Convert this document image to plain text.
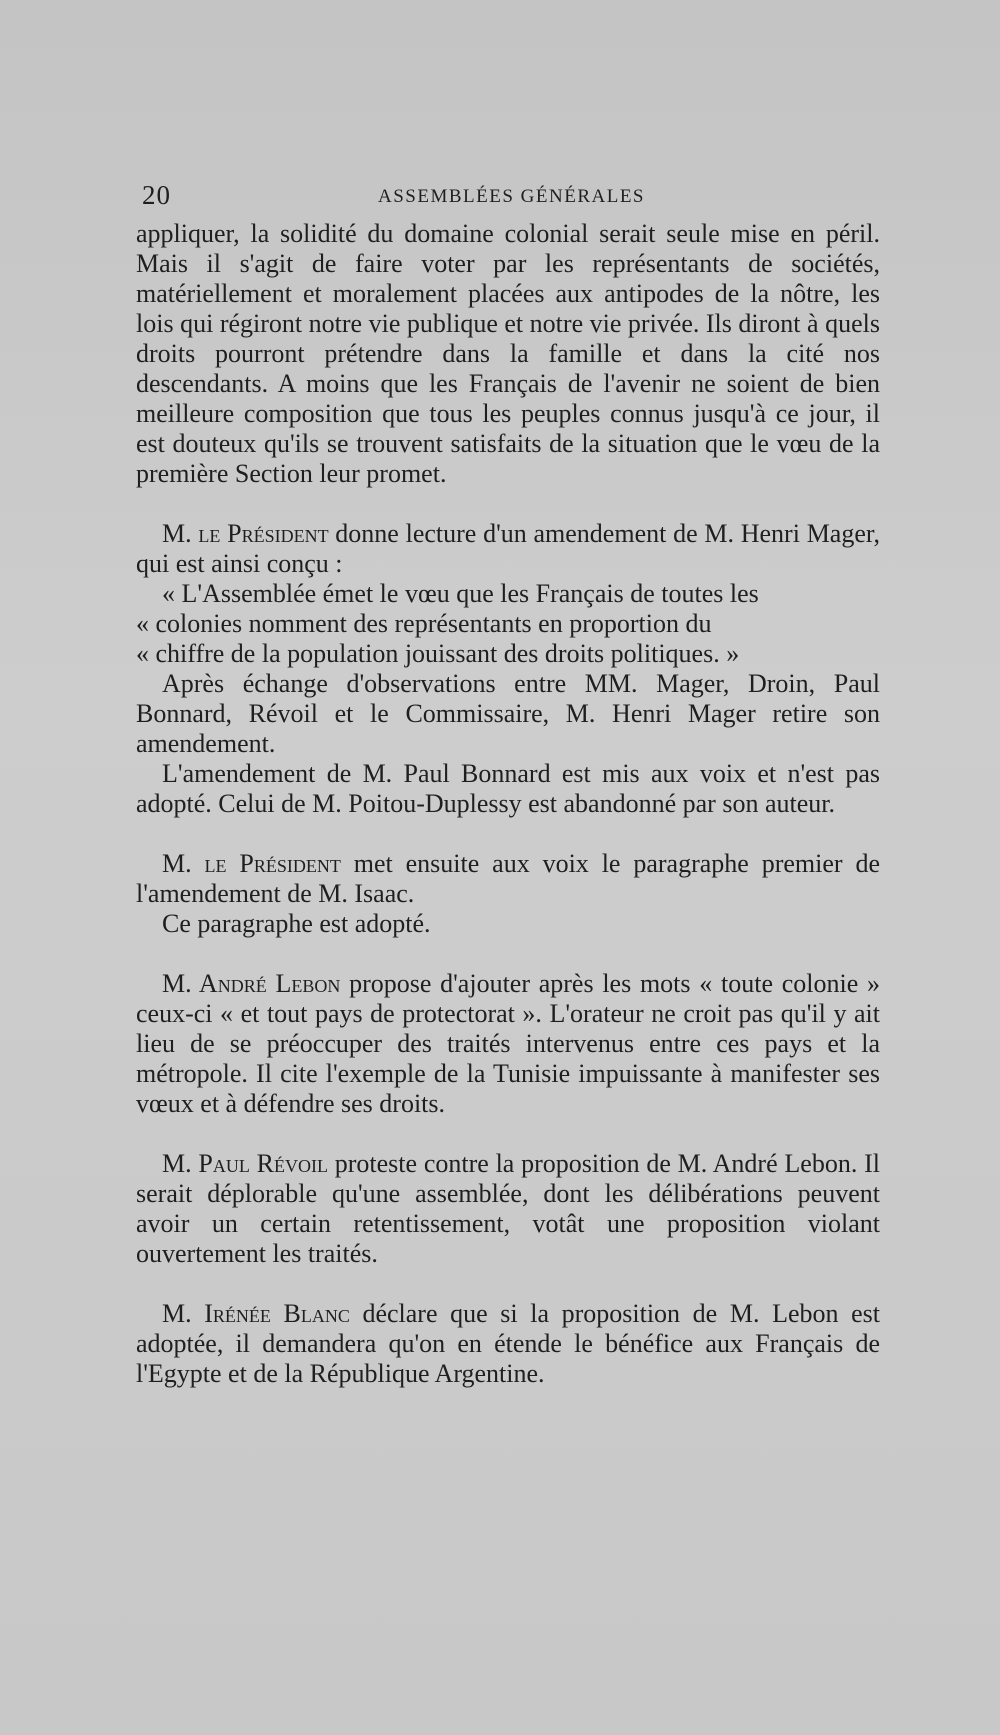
20	ASSEMBLÉES GÉNÉRALES

appliquer, la solidité du domaine colonial serait seule mise en péril. Mais il s'agit de faire voter par les représentants de sociétés, matériellement et moralement placées aux antipodes de la nôtre, les lois qui régiront notre vie publique et notre vie privée. Ils diront à quels droits pourront prétendre dans la famille et dans la cité nos descendants. A moins que les Français de l'avenir ne soient de bien meilleure composition que tous les peuples connus jusqu'à ce jour, il est douteux qu'ils se trouvent satisfaits de la situation que le vœu de la première Section leur promet.

M. le Président donne lecture d'un amendement de M. Henri Mager, qui est ainsi conçu :

« L'Assemblée émet le vœu que les Français de toutes les

« colonies nomment des représentants en proportion du

« chiffre de la population jouissant des droits politiques. »

Après échange d'observations entre MM. Mager, Droin, Paul Bonnard, Révoil et le Commissaire, M. Henri Mager retire son amendement.

L'amendement de M. Paul Bonnard est mis aux voix et n'est pas adopté. Celui de M. Poitou-Duplessy est abandonné par son auteur.

M. le Président met ensuite aux voix le paragraphe premier de l'amendement de M. Isaac.

Ce paragraphe est adopté.

M. André Lebon propose d'ajouter après les mots « toute colonie » ceux-ci « et tout pays de protectorat ». L'orateur ne croit pas qu'il y ait lieu de se préoccuper des traités intervenus entre ces pays et la métropole. Il cite l'exemple de la Tunisie impuissante à manifester ses vœux et à défendre ses droits.

M. Paul Révoil proteste contre la proposition de M. André Lebon. Il serait déplorable qu'une assemblée, dont les délibérations peuvent avoir un certain retentissement, votât une proposition violant ouvertement les traités.

M. Irénée Blanc déclare que si la proposition de M. Lebon est adoptée, il demandera qu'on en étende le bénéfice aux Français de l'Egypte et de la République Argentine.
